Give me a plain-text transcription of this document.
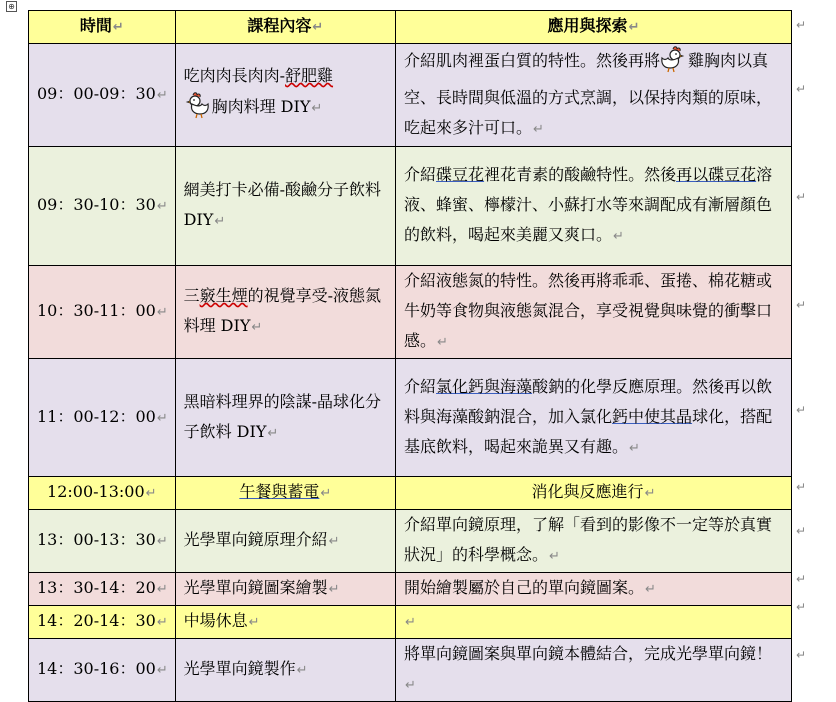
⊕
時間↵	課程內容↵	應用與探索↵
09：00-09：30↵	吃肉肉長肉肉-舒肥雞
胸肉料理 DIY↵	介紹肌肉裡蛋白質的特性。然後再將 雞胸肉以真空、長時間與低溫的方式烹調，以保持肉類的原味，吃起來多汁可口。↵
09：30-10：30↵	網美打卡必備-酸鹼分子飲料 DIY↵	介紹碟豆花裡花青素的酸鹼特性。然後再以碟豆花溶液、蜂蜜、檸檬汁、小蘇打水等來調配成有漸層顏色的飲料，喝起來美麗又爽口。↵
10：30-11：00↵	三竅生煙的視覺享受-液態氮料理 DIY↵	介紹液態氮的特性。然後再將乖乖、蛋捲、棉花糖或牛奶等食物與液態氮混合，享受視覺與味覺的衝擊口感。↵
11：00-12：00↵	黑暗料理界的陰謀-晶球化分子飲料 DIY↵	介紹氯化鈣與海藻酸鈉的化學反應原理。然後再以飲料與海藻酸鈉混合，加入氯化鈣中使其晶球化，搭配基底飲料，喝起來詭異又有趣。↵
12:00-13:00↵	午餐與蓄電↵	消化與反應進行↵
13：00-13：30↵	光學單向鏡原理介紹↵	介紹單向鏡原理，了解「看到的影像不一定等於真實狀況」的科學概念。↵
13：30-14：20↵	光學單向鏡圖案繪製↵	開始繪製屬於自己的單向鏡圖案。↵
14：20-14：30↵	中場休息↵	↵
14：30-16：00↵	光學單向鏡製作↵	將單向鏡圖案與單向鏡本體結合，完成光學單向鏡！↵
↵
↵
↵
↵
↵
↵
↵
↵
↵
↵
